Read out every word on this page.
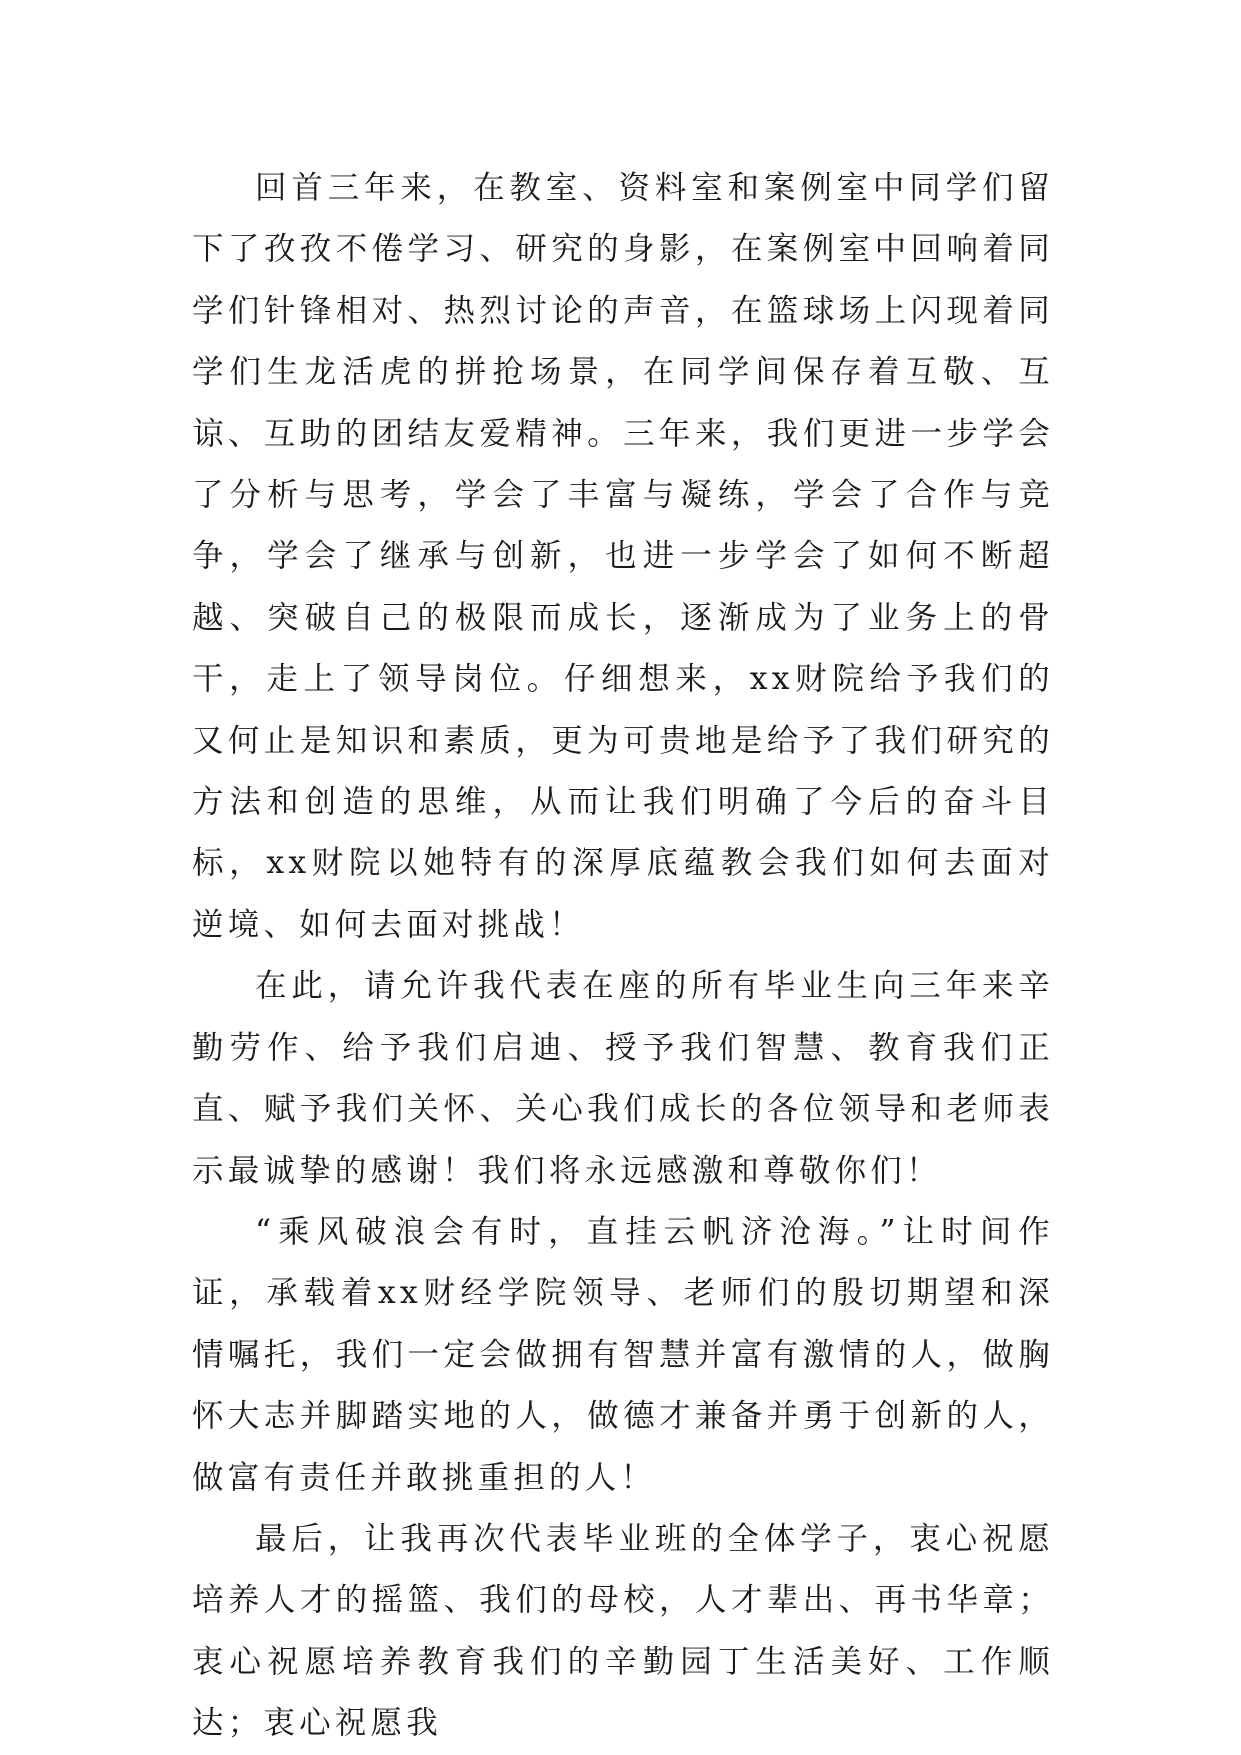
回首三年来，在教室、资料室和案例室中同学们留下了孜孜不倦学习、研究的身影，在案例室中回响着同学们针锋相对、热烈讨论的声音，在篮球场上闪现着同学们生龙活虎的拼抢场景，在同学间保存着互敬、互谅、互助的团结友爱精神。三年来，我们更进一步学会了分析与思考，学会了丰富与凝练，学会了合作与竞争，学会了继承与创新，也进一步学会了如何不断超越、突破自己的极限而成长，逐渐成为了业务上的骨干，走上了领导岗位。仔细想来，xx财院给予我们的又何止是知识和素质，更为可贵地是给予了我们研究的方法和创造的思维，从而让我们明确了今后的奋斗目标，xx财院以她特有的深厚底蕴教会我们如何去面对逆境、如何去面对挑战！

在此，请允许我代表在座的所有毕业生向三年来辛勤劳作、给予我们启迪、授予我们智慧、教育我们正直、赋予我们关怀、关心我们成长的各位领导和老师表示最诚挚的感谢！我们将永远感激和尊敬你们！

“乘风破浪会有时，直挂云帆济沧海。”让时间作证，承载着xx财经学院领导、老师们的殷切期望和深情嘱托，我们一定会做拥有智慧并富有激情的人，做胸怀大志并脚踏实地的人，做德才兼备并勇于创新的人，做富有责任并敢挑重担的人！

最后，让我再次代表毕业班的全体学子，衷心祝愿培养人才的摇篮、我们的母校，人才辈出、再书华章；衷心祝愿培养教育我们的辛勤园丁生活美好、工作顺达；衷心祝愿我
